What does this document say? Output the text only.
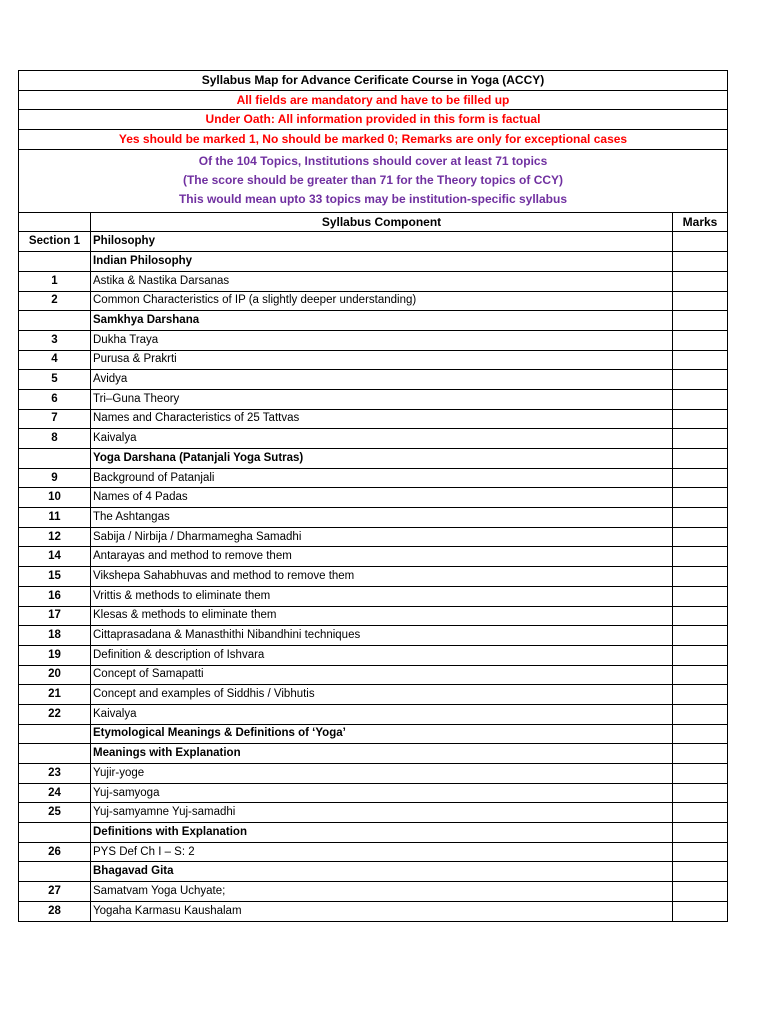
Syllabus Map for Advance Cerificate Course in Yoga (ACCY)		
All fields are mandatory and have to be filled up		
Under Oath: All information provided in this form is factual		
Yes should be marked 1, No should be marked 0; Remarks are only for exceptional cases		

Of the 104 Topics, Institutions should cover at least 71 topics
(The score should be greater than 71 for the Theory topics of CCY)
This would mean upto 33 topics may be institution-specific syllabus		

	Syllabus Component	Marks
Section 1	Philosophy	
	Indian Philosophy	
1	Astika & Nastika Darsanas	
2	Common Characteristics of IP (a slightly deeper understanding)	
	Samkhya Darshana	
3	Dukha Traya	
4	Purusa & Prakrti	
5	Avidya	
6	Tri–Guna Theory	
7	Names and Characteristics of 25 Tattvas	
8	Kaivalya	
	Yoga Darshana (Patanjali Yoga Sutras)	
9	Background of Patanjali	
10	Names of 4 Padas	
11	The Ashtangas	
12	Sabija / Nirbija / Dharmamegha Samadhi	
14	Antarayas and method to remove them	
15	Vikshepa Sahabhuvas and method to remove them	
16	Vrittis & methods to eliminate them	
17	Klesas & methods to eliminate them	
18	Cittaprasadana & Manasthithi Nibandhini techniques	
19	Definition & description of Ishvara	
20	Concept of Samapatti	
21	Concept and examples of Siddhis / Vibhutis	
22	Kaivalya	
	Etymological Meanings & Definitions of ‘Yoga’	
	Meanings with Explanation	
23	Yujir-yoge	
24	Yuj-samyoga	
25	Yuj-samyamne Yuj-samadhi	
	Definitions with Explanation	
26	PYS Def Ch I – S: 2	
	Bhagavad Gita	
27	Samatvam Yoga Uchyate;	
28	Yogaha Karmasu Kaushalam	
